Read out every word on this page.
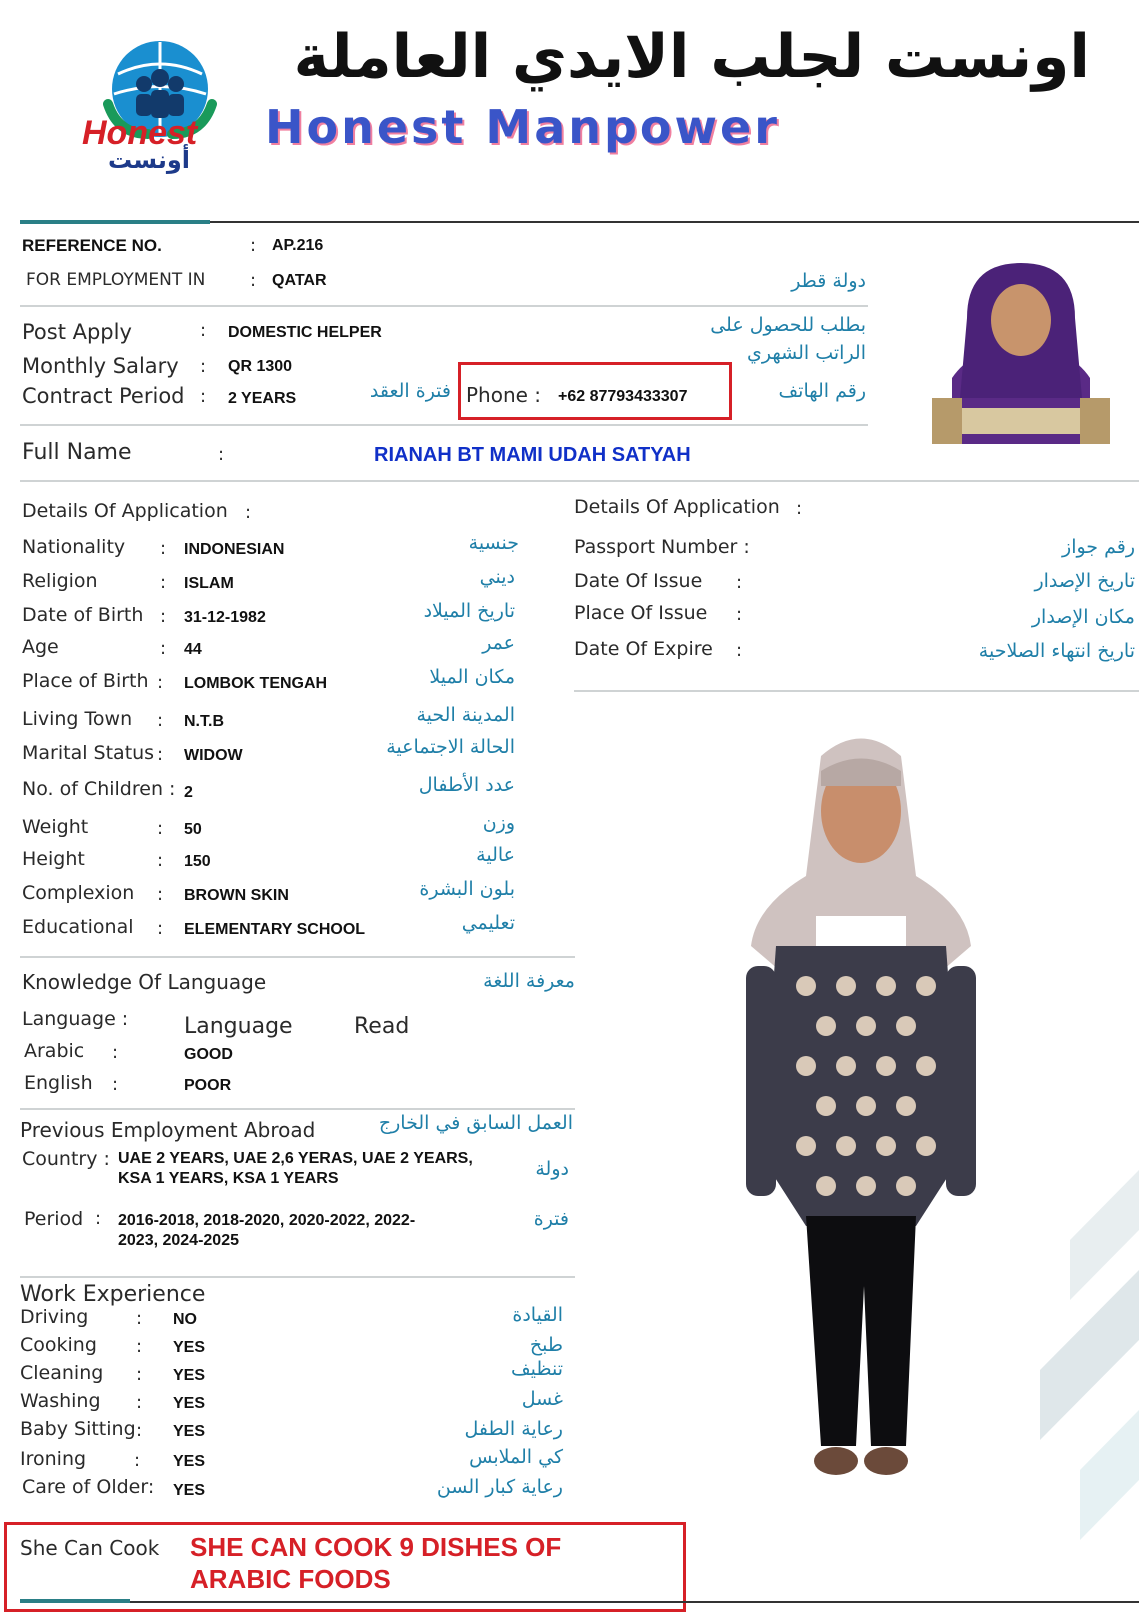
Honest
أونست
اونست لجلب الايدي العاملة
Honest Manpower
REFERENCE NO.	: AP.216
FOR EMPLOYMENT IN : QATAR	دولة قطر
Post Apply	: DOMESTIC HELPER	بطلب للحصول على
Monthly Salary : QR 1300
الراتب الشهري
Contract Period : 2 YEARS	فترة العقد Phone : +62 87793433307	رقم الهاتف
Full Name	:	RIANAH BT MAMI UDAH SATYAH
Details Of Application :
Nationality : INDONESIAN	جنسية
Religion	: ISLAM	ديني
Date of Birth : 31-12-1982	تاريخ الميلاد
Age	: 44	عمر
Place of Birth : LOMBOK TENGAH	مكان الميلا
Living Town : N.T.B	المدينة الحية
Marital Status : WIDOW	الحالة الاجتماعية
No. of Children : 2	عدد الأطفال
Weight	: 50	وزن
Height	: 150	عالية
Complexion : BROWN SKIN	بلون البشرة
Educational : ELEMENTARY SCHOOL	تعليمي
Details Of Application :
Passport Number :	رقم جواز
Date Of Issue :	تاريخ الإصدار
Place Of Issue :	مكان الإصدار
Date Of Expire :	تاريخ انتهاء الصلاحية
Knowledge Of Language	معرفة اللغة
Language :	Language	Read
Arabic :	GOOD
English :	POOR
Previous Employment Abroad	العمل السابق في الخارج
Country : UAE 2 YEARS, UAE 2,6 YERAS, UAE 2 YEARS,
KSA 1 YEARS, KSA 1 YEARS	دولة
Period : 2016-2018, 2018-2020, 2020-2022, 2022-
2023, 2024-2025
فترة
Work Experience
Driving	: NO	القيادة
Cooking : YES	طبخ
Cleaning : YES	تنظيف
Washing : YES	غسل
Baby Sitting : YES	رعاية الطفل
Ironing	: YES	كي الملابس
Care of Older: YES	رعاية كبار السن
She Can Cook SHE CAN COOK 9 DISHES OF
ARABIC FOODS
